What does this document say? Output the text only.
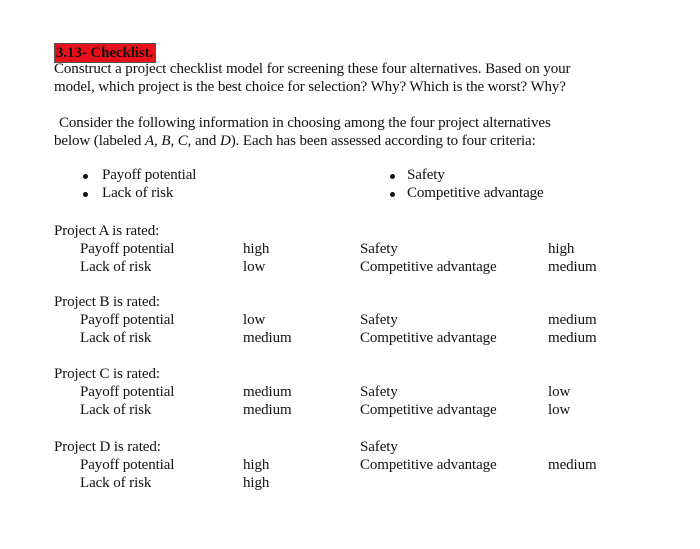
3.13- Checklist.
Construct a project checklist model for screening these four alternatives. Based on your
model, which project is the best choice for selection? Why? Which is the worst? Why?
Consider the following information in choosing among the four project alternatives
below (labeled A, B, C, and D). Each has been assessed according to four criteria:
Payoff potential
Lack of risk
Safety
Competitive advantage
Project A is rated:
Payoff potential
Lack of risk
high
low
Safety
Competitive advantage
high
medium
Project B is rated:
Payoff potential
Lack of risk
low
medium
Safety
Competitive advantage
medium
medium
Project C is rated:
Payoff potential
Lack of risk
medium
medium
Safety
Competitive advantage
low
low
Project D is rated:
Payoff potential
Lack of risk
high
high
Safety
Competitive advantage	medium
